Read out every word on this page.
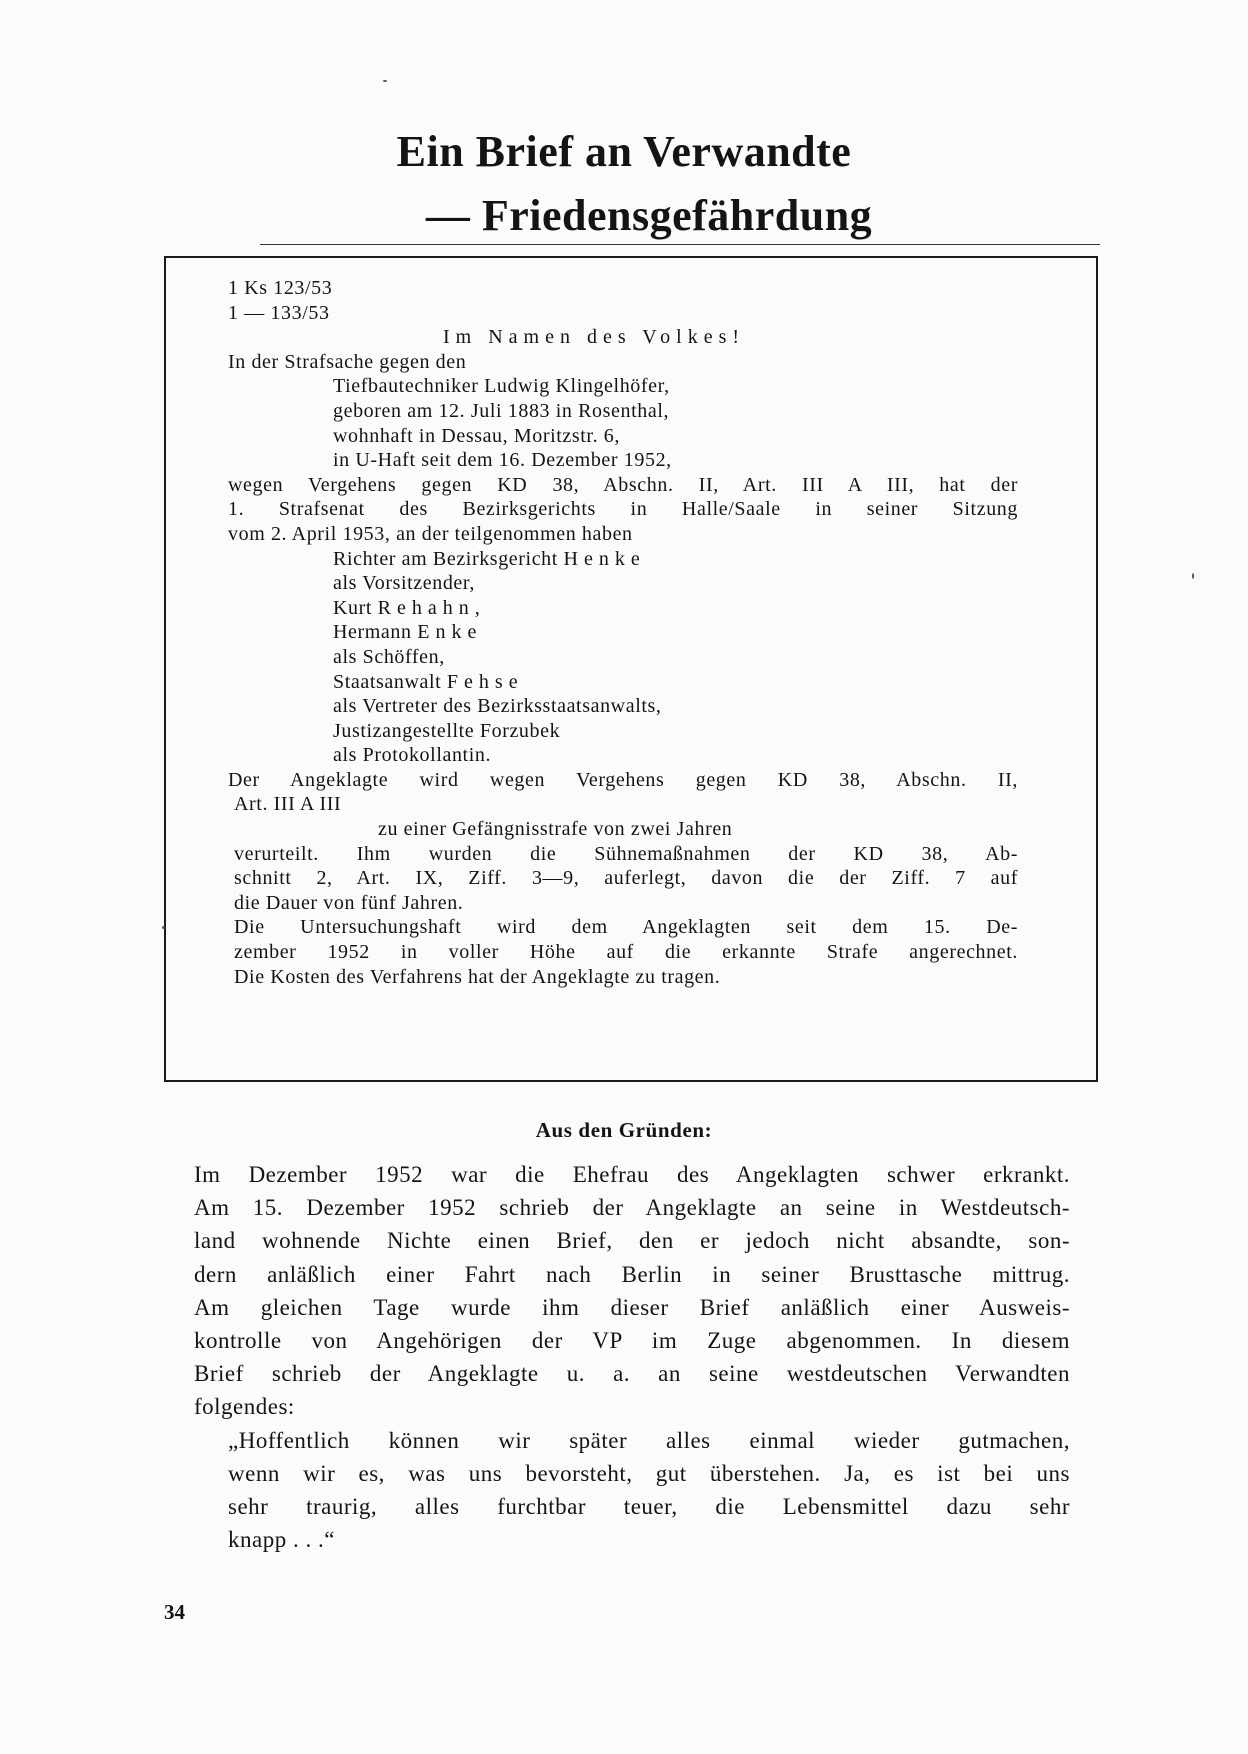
Ein Brief an Verwandte
— Friedensgefährdung
1 Ks 123/53
1 — 133/53
Im Namen des Volkes!
In der Strafsache gegen den
Tiefbautechniker Ludwig Klingelhöfer,
geboren am 12. Juli 1883 in Rosenthal,
wohnhaft in Dessau, Moritzstr. 6,
in U-Haft seit dem 16. Dezember 1952,
wegen Vergehens gegen KD 38, Abschn. II, Art. III A III, hat der
1. Strafsenat des Bezirksgerichts in Halle/Saale in seiner Sitzung
vom 2. April 1953, an der teilgenommen haben
Richter am Bezirksgericht Henke
als Vorsitzender,
Kurt Rehahn,
Hermann Enke
als Schöffen,
Staatsanwalt Fehse
als Vertreter des Bezirksstaatsanwalts,
Justizangestellte Forzubek
als Protokollantin.
Der Angeklagte wird wegen Vergehens gegen KD 38, Abschn. II,
Art. III A III
zu einer Gefängnisstrafe von zwei Jahren
verurteilt. Ihm wurden die Sühnemaßnahmen der KD 38, Ab-
schnitt 2, Art. IX, Ziff. 3—9, auferlegt, davon die der Ziff. 7 auf
die Dauer von fünf Jahren.
Die Untersuchungshaft wird dem Angeklagten seit dem 15. De-
zember 1952 in voller Höhe auf die erkannte Strafe angerechnet.
Die Kosten des Verfahrens hat der Angeklagte zu tragen.
Aus den Gründen:
Im Dezember 1952 war die Ehefrau des Angeklagten schwer erkrankt.
Am 15. Dezember 1952 schrieb der Angeklagte an seine in Westdeutsch-
land wohnende Nichte einen Brief, den er jedoch nicht absandte, son-
dern anläßlich einer Fahrt nach Berlin in seiner Brusttasche mittrug.
Am gleichen Tage wurde ihm dieser Brief anläßlich einer Ausweis-
kontrolle von Angehörigen der VP im Zuge abgenommen. In diesem
Brief schrieb der Angeklagte u. a. an seine westdeutschen Verwandten
folgendes:
„Hoffentlich können wir später alles einmal wieder gutmachen,
wenn wir es, was uns bevorsteht, gut überstehen. Ja, es ist bei uns
sehr traurig, alles furchtbar teuer, die Lebensmittel dazu sehr
knapp . . .“
34
